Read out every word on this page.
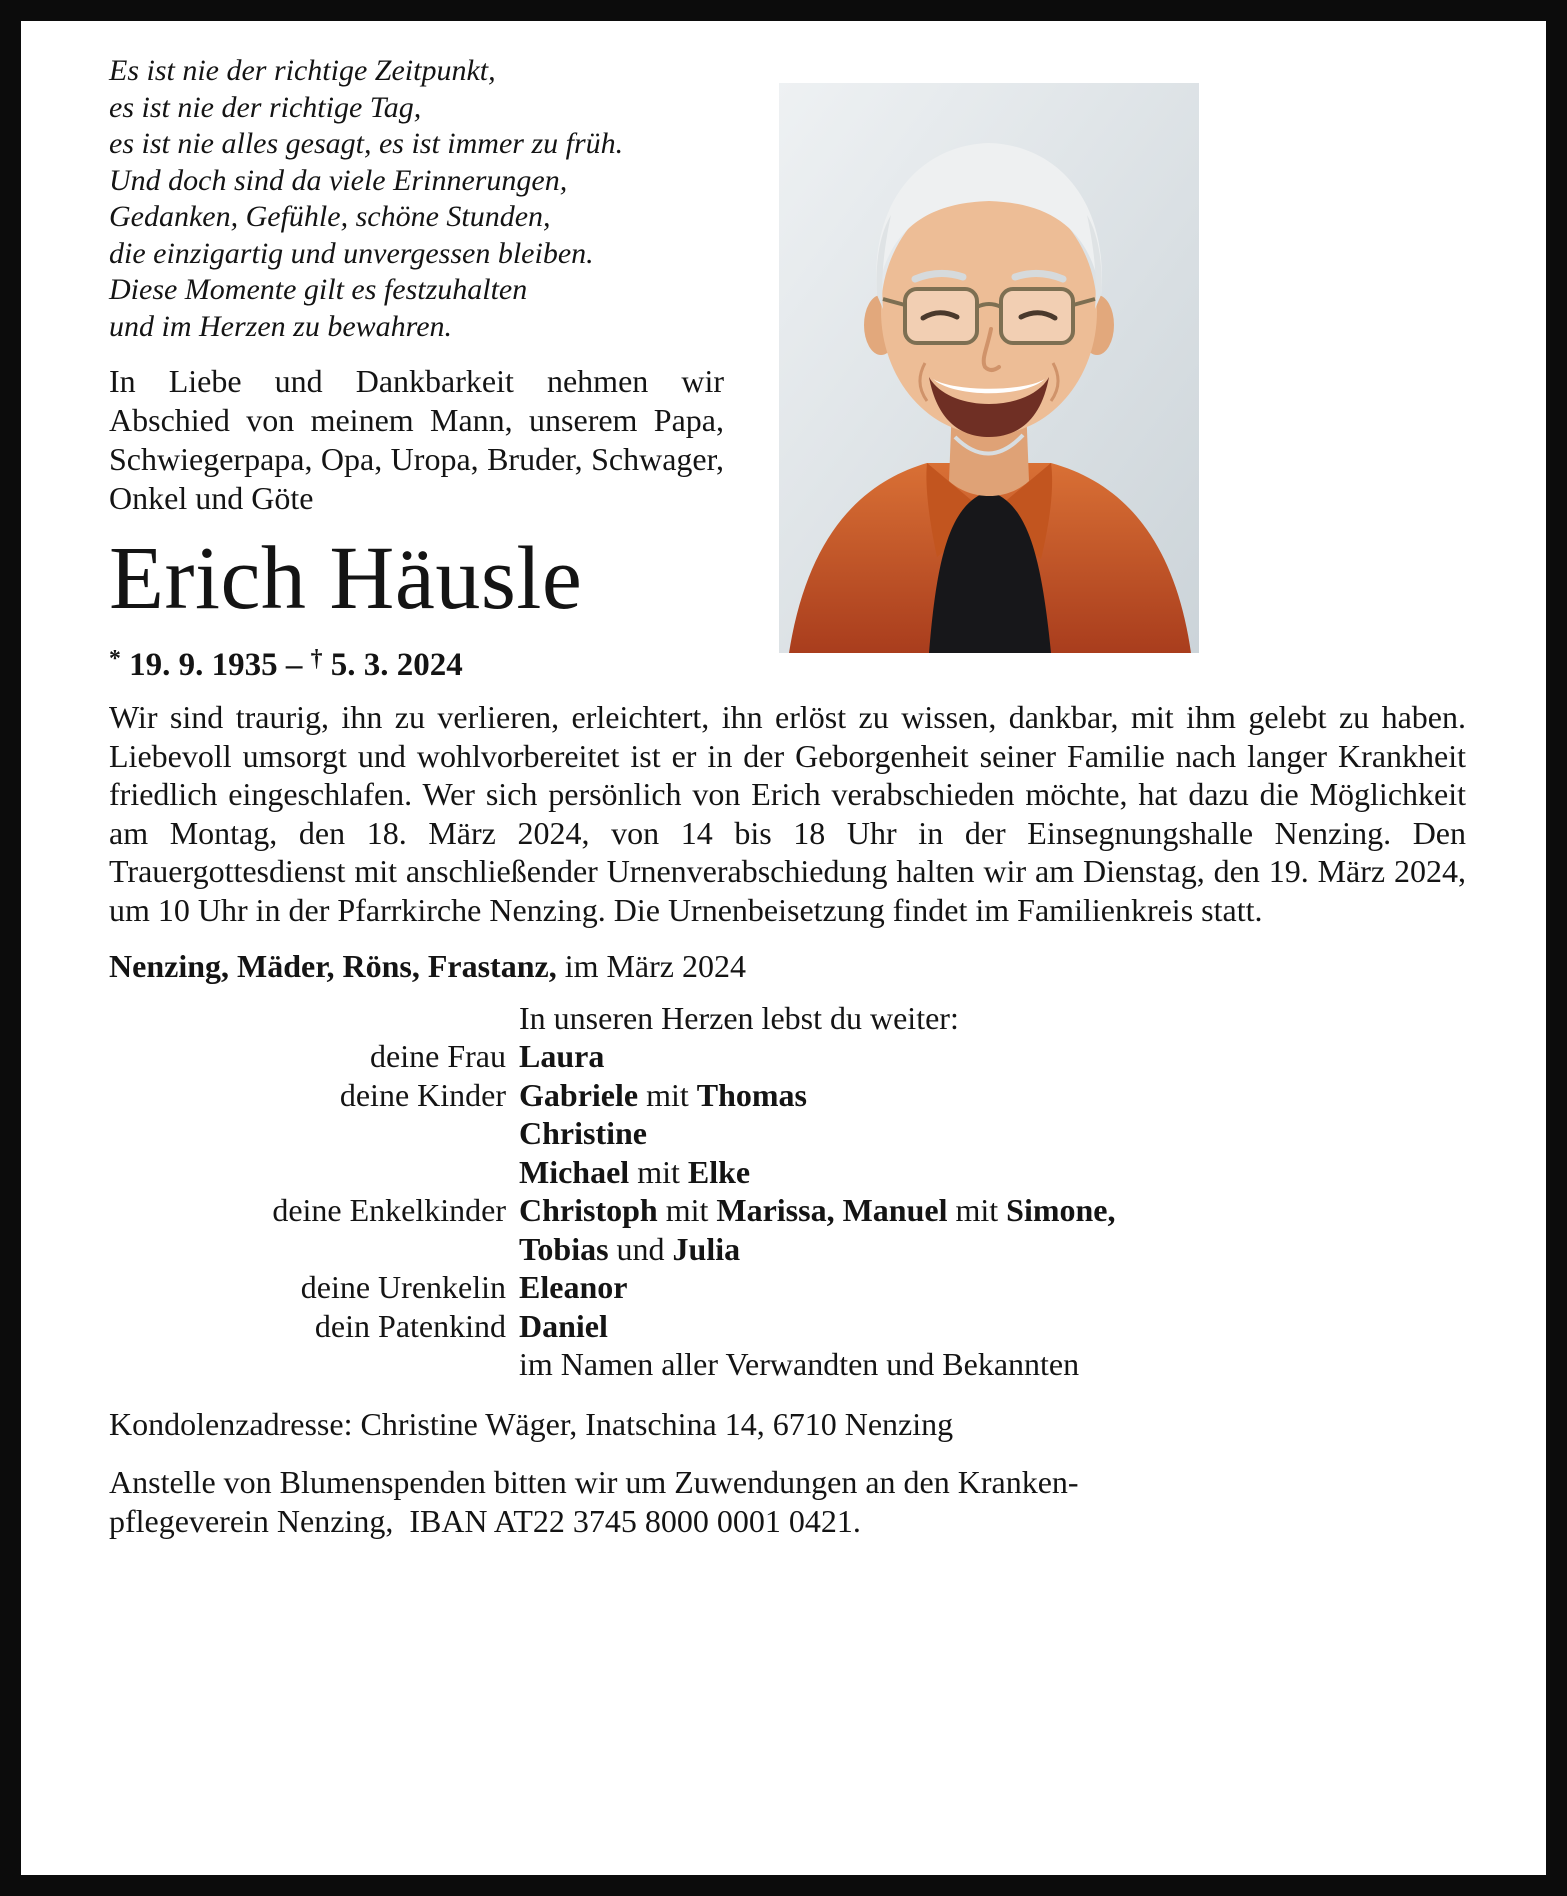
Es ist nie der richtige Zeitpunkt,
es ist nie der richtige Tag,
es ist nie alles gesagt, es ist immer zu früh.
Und doch sind da viele Erinnerungen,
Gedanken, Gefühle, schöne Stunden,
die einzigartig und unvergessen bleiben.
Diese Momente gilt es festzuhalten
und im Herzen zu bewahren.

In Liebe und Dankbarkeit nehmen wir Abschied von meinem Mann, unserem Papa, Schwiegerpapa, Opa, Uropa, Bruder, Schwager, Onkel und Göte

Erich Häusle

* 19. 9. 1935 – † 5. 3. 2024

Wir sind traurig, ihn zu verlieren, erleichtert, ihn erlöst zu wissen, dankbar, mit ihm gelebt zu haben. Liebevoll umsorgt und wohlvorbereitet ist er in der Geborgenheit seiner Familie nach langer Krankheit friedlich eingeschlafen. Wer sich persönlich von Erich verabschieden möchte, hat dazu die Möglichkeit am Montag, den 18. März 2024, von 14 bis 18 Uhr in der Einsegnungshalle Nenzing. Den Trauergottesdienst mit anschließender Urnenverabschiedung halten wir am Dienstag, den 19. März 2024, um 10 Uhr in der Pfarrkirche Nenzing. Die Urnenbeisetzung findet im Familienkreis statt.

Nenzing, Mäder, Röns, Frastanz, im März 2024

In unseren Herzen lebst du weiter:
deine Frau Laura
deine Kinder Gabriele mit Thomas
Christine
Michael mit Elke
deine Enkelkinder Christoph mit Marissa, Manuel mit Simone,
Tobias und Julia
deine Urenkelin Eleanor
dein Patenkind Daniel
im Namen aller Verwandten und Bekannten

Kondolenzadresse: Christine Wäger, Inatschina 14, 6710 Nenzing

Anstelle von Blumenspenden bitten wir um Zuwendungen an den Kranken-
pflegeverein Nenzing,  IBAN AT22 3745 8000 0001 0421.
